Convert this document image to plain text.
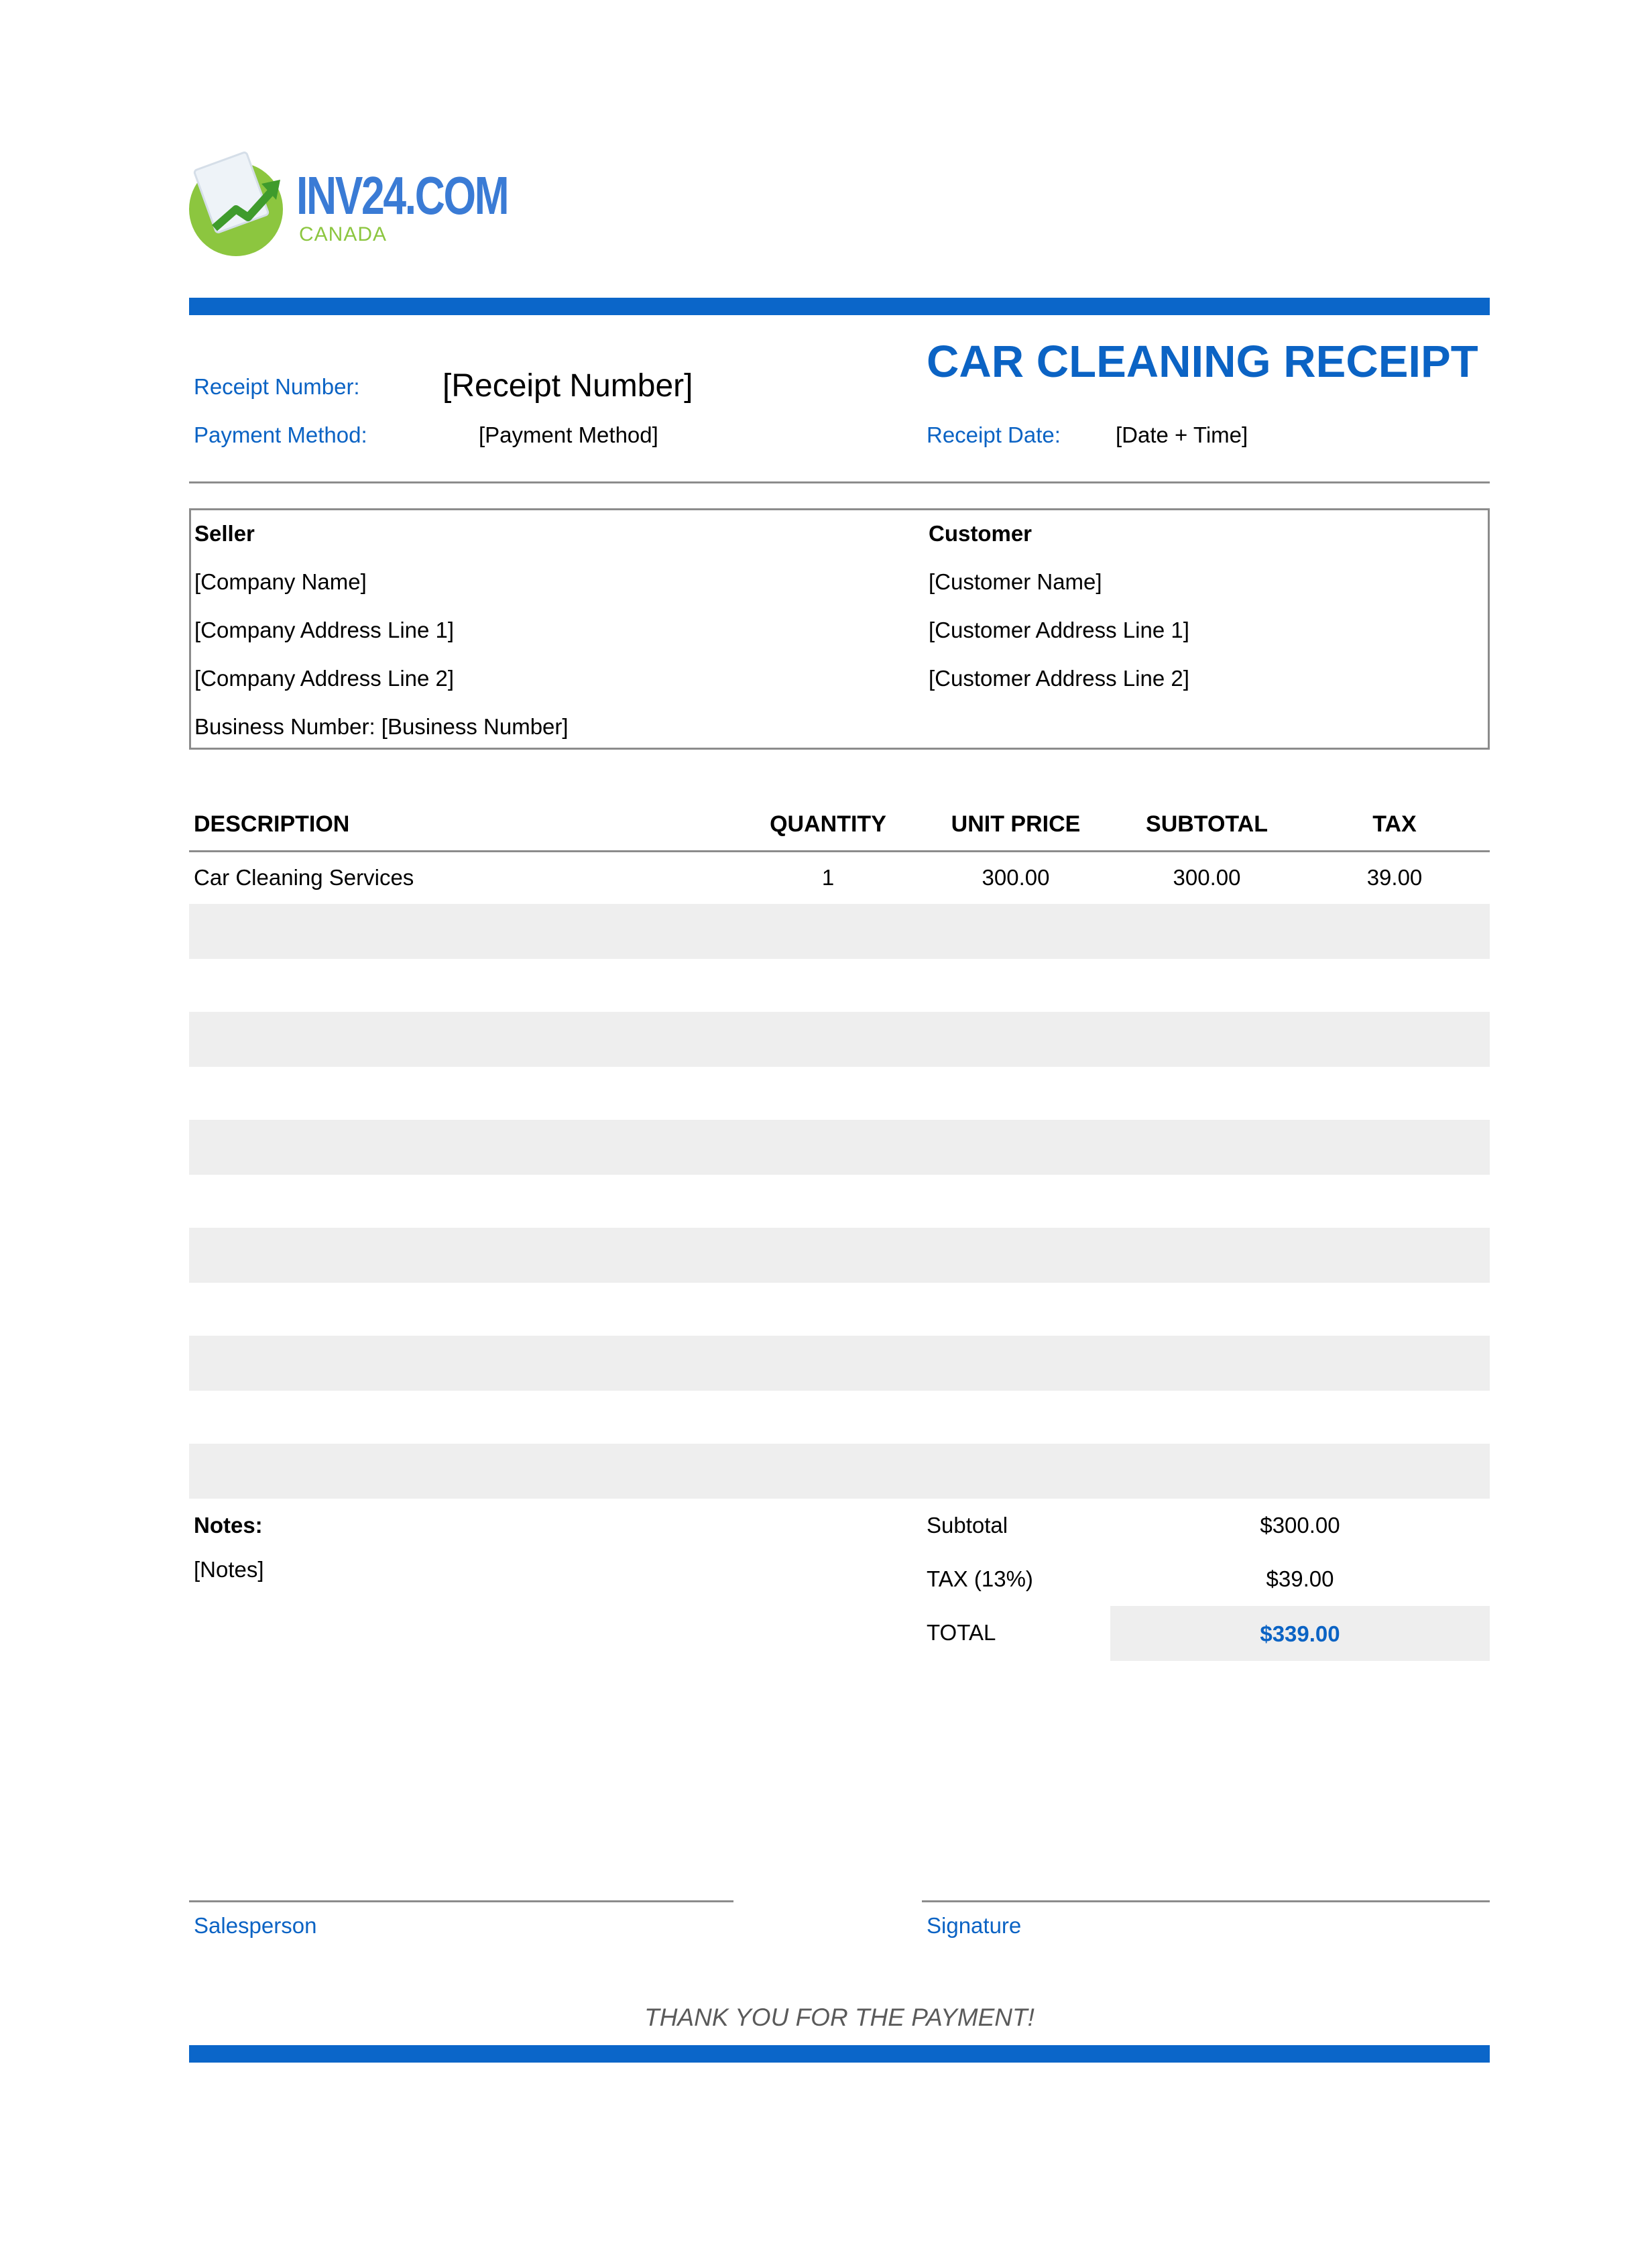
INV24.COM
CANADA
Receipt Number:	[Receipt Number]	CAR CLEANING RECEIPT
Payment Method:	[Payment Method]	Receipt Date: [Date + Time]
Seller
[Company Name]
[Company Address Line 1]
[Company Address Line 2]
Business Number: [Business Number]
Customer
[Customer Name]
[Customer Address Line 1]
[Customer Address Line 2]
DESCRIPTION	QUANTITY	UNIT PRICE	SUBTOTAL	TAX
Car Cleaning Services	1	300.00	300.00	39.00
Notes:
[Notes]
Subtotal	$300.00
TAX (13%)	$39.00
TOTAL	$339.00
Salesperson	Signature
THANK YOU FOR THE PAYMENT!
